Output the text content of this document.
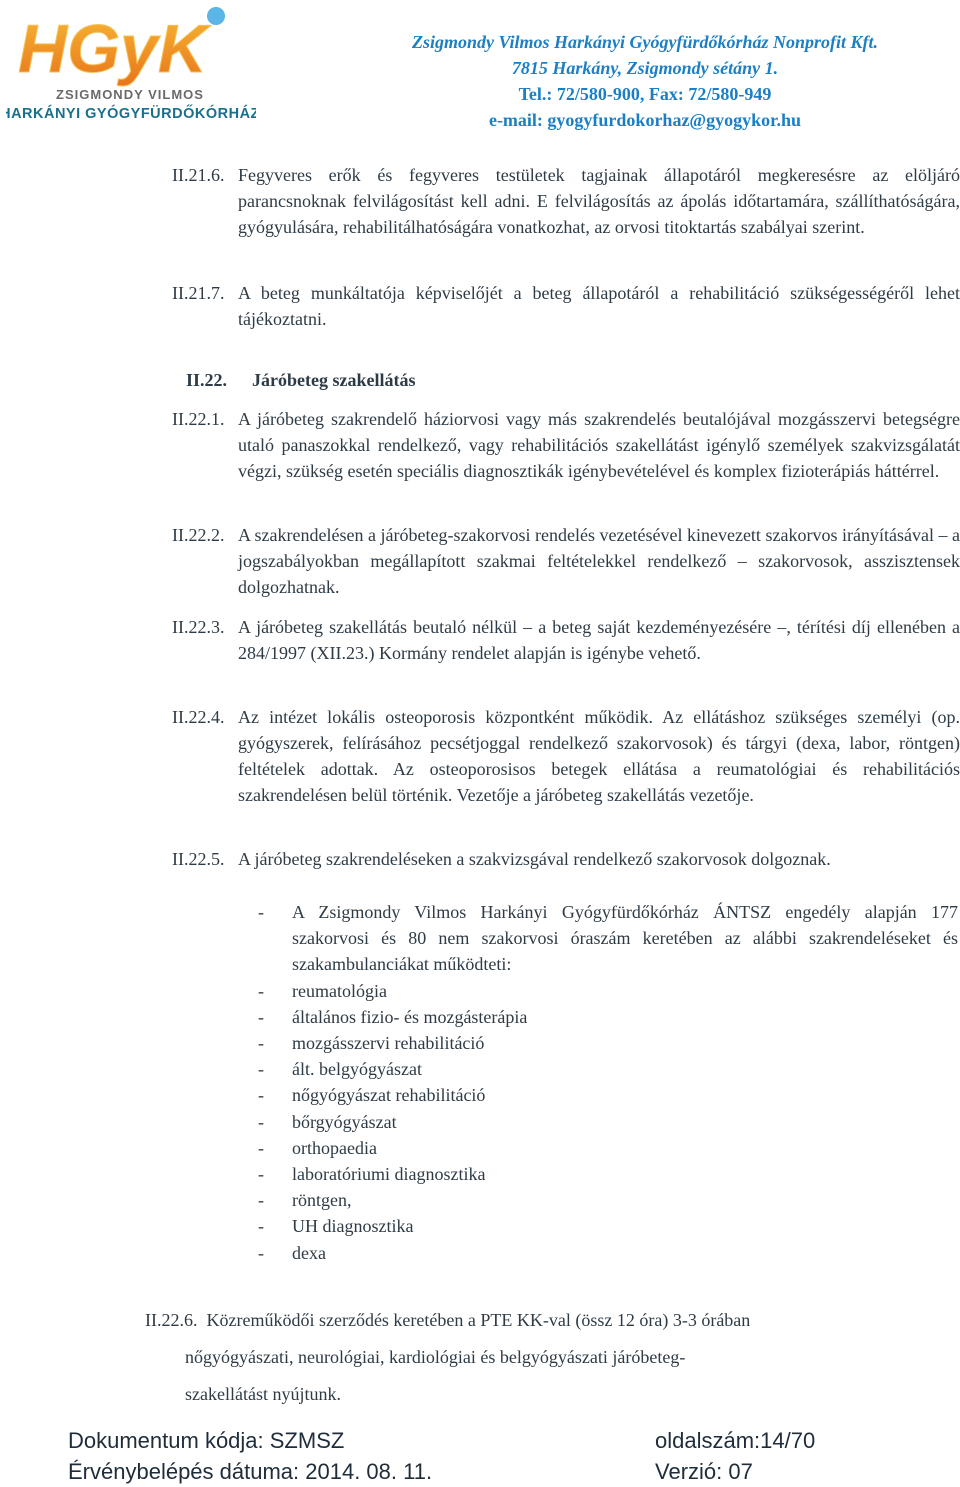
HGyK
ZSIGMONDY VILMOS
HARKÁNYI GYÓGYFÜRDŐKÓRHÁZ
Zsigmondy Vilmos Harkányi Gyógyfürdőkórház Nonprofit Kft.
7815 Harkány, Zsigmondy sétány 1.
Tel.: 72/580-900, Fax: 72/580-949
e-mail: gyogyfurdokorhaz@gyogykor.hu
II.21.6. Fegyveres erők és fegyveres testületek tagjainak állapotáról megkeresésre az elöljáró parancsnoknak felvilágosítást kell adni. E felvilágosítás az ápolás időtartamára, szállíthatóságára, gyógyulására, rehabilitálhatóságára vonatkozhat, az orvosi titoktartás szabályai szerint.
II.21.7. A beteg munkáltatója képviselőjét a beteg állapotáról a rehabilitáció szükségességéről lehet tájékoztatni.
II.22. Járóbeteg szakellátás
II.22.1. A járóbeteg szakrendelő háziorvosi vagy más szakrendelés beutalójával mozgásszervi betegségre utaló panaszokkal rendelkező, vagy rehabilitációs szakellátást igénylő személyek szakvizsgálatát végzi, szükség esetén speciális diagnosztikák igénybevételével és komplex fizioterápiás háttérrel.
II.22.2. A szakrendelésen a járóbeteg-szakorvosi rendelés vezetésével kinevezett szakorvos irányításával – a jogszabályokban megállapított szakmai feltételekkel rendelkező – szakorvosok, asszisztensek dolgozhatnak.
II.22.3. A járóbeteg szakellátás beutaló nélkül – a beteg saját kezdeményezésére –, térítési díj ellenében a 284/1997 (XII.23.) Kormány rendelet alapján is igénybe vehető.
II.22.4. Az intézet lokális osteoporosis központként működik. Az ellátáshoz szükséges személyi (op. gyógyszerek, felírásához pecsétjoggal rendelkező szakorvosok) és tárgyi (dexa, labor, röntgen) feltételek adottak. Az osteoporosisos betegek ellátása a reumatológiai és rehabilitációs szakrendelésen belül történik. Vezetője a járóbeteg szakellátás vezetője.
II.22.5. A járóbeteg szakrendeléseken a szakvizsgával rendelkező szakorvosok dolgoznak.
- A Zsigmondy Vilmos Harkányi Gyógyfürdőkórház ÁNTSZ engedély alapján 177 szakorvosi és 80 nem szakorvosi óraszám keretében az alábbi szakrendeléseket és szakambulanciákat működteti:
- reumatológia
- általános fizio- és mozgásterápia
- mozgásszervi rehabilitáció
- ált. belgyógyászat
- nőgyógyászat rehabilitáció
- bőrgyógyászat
- orthopaedia
- laboratóriumi diagnosztika
- röntgen,
- UH diagnosztika
- dexa
II.22.6. Közreműködői szerződés keretében a PTE KK-val (össz 12 óra) 3-3 órában
nőgyógyászati, neurológiai, kardiológiai és belgyógyászati járóbeteg-
szakellátást nyújtunk.
Dokumentum kódja: SZMSZ	oldalszám:14/70
Érvénybelépés dátuma: 2014. 08. 11.	Verzió: 07
